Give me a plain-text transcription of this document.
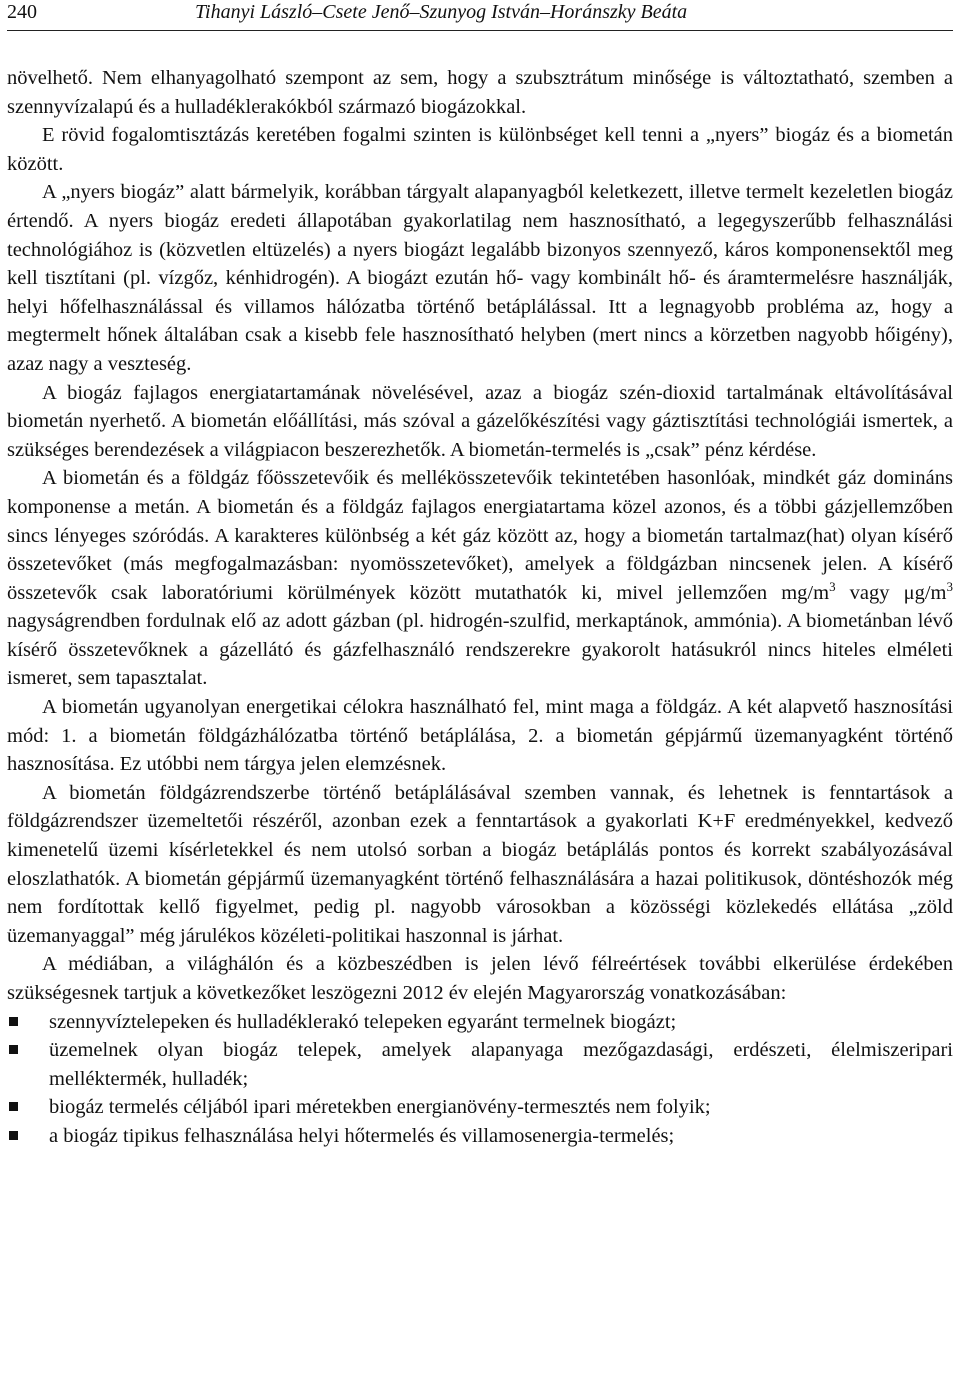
240	Tihanyi László–Csete Jenő–Szunyog István–Horánszky Beáta

növelhető. Nem elhanyagolható szempont az sem, hogy a szubsztrátum minősége is változtatható, szemben a szennyvízalapú és a hulladéklerakókból származó biogázokkal.

E rövid fogalomtisztázás keretében fogalmi szinten is különbséget kell tenni a „nyers” biogáz és a biometán között.

A „nyers biogáz” alatt bármelyik, korábban tárgyalt alapanyagból keletkezett, illetve termelt kezeletlen biogáz értendő. A nyers biogáz eredeti állapotában gyakorlatilag nem hasznosítható, a legegyszerűbb felhasználási technológiához is (közvetlen eltüzelés) a nyers biogázt legalább bizonyos szennyező, káros komponensektől meg kell tisztítani (pl. vízgőz, kénhidrogén). A biogázt ezután hő- vagy kombinált hő- és áramtermelésre használják, helyi hőfelhasználással és villamos hálózatba történő betáplálással. Itt a legnagyobb probléma az, hogy a megtermelt hőnek általában csak a kisebb fele hasznosítható helyben (mert nincs a körzetben nagyobb hőigény), azaz nagy a veszteség.

A biogáz fajlagos energiatartamának növelésével, azaz a biogáz szén-dioxid tartalmának eltávolításával biometán nyerhető. A biometán előállítási, más szóval a gázelőkészítési vagy gáztisztítási technológiái ismertek, a szükséges berendezések a világpiacon beszerezhetők. A biometán-termelés is „csak” pénz kérdése.

A biometán és a földgáz főösszetevőik és mellékösszetevőik tekintetében hasonlóak, mindkét gáz domináns komponense a metán. A biometán és a földgáz fajlagos energiatartama közel azonos, és a többi gázjellemzőben sincs lényeges szóródás. A karakteres különbség a két gáz között az, hogy a biometán tartalmaz(hat) olyan kísérő összetevőket (más megfogalmazásban: nyomösszetevőket), amelyek a földgázban nincsenek jelen. A kísérő összetevők csak laboratóriumi körülmények között mutathatók ki, mivel jellemzően $mg/m^3$ vagy $\mu g/m^3$ nagyságrendben fordulnak elő az adott gázban (pl. hidrogén-szulfid, merkaptánok, ammónia). A biometánban lévő kísérő összetevőknek a gázellátó és gázfelhasználó rendszerekre gyakorolt hatásukról nincs hiteles elméleti ismeret, sem tapasztalat.

A biometán ugyanolyan energetikai célokra használható fel, mint maga a földgáz. A két alapvető hasznosítási mód: 1. a biometán földgázhálózatba történő betáplálása, 2. a biometán gépjármű üzemanyagként történő hasznosítása. Ez utóbbi nem tárgya jelen elemzésnek.

A biometán földgázrendszerbe történő betáplálásával szemben vannak, és lehetnek is fenntartások a földgázrendszer üzemeltetői részéről, azonban ezek a fenntartások a gyakorlati K+F eredményekkel, kedvező kimenetelű üzemi kísérletekkel és nem utolsó sorban a biogáz betáplálás pontos és korrekt szabályozásával eloszlathatók. A biometán gépjármű üzemanyagként történő felhasználására a hazai politikusok, döntéshozók még nem fordítottak kellő figyelmet, pedig pl. nagyobb városokban a közösségi közlekedés ellátása „zöld üzemanyaggal” még járulékos közéleti-politikai haszonnal is járhat.

A médiában, a világhálón és a közbeszédben is jelen lévő félreértések további elkerülése érdekében szükségesnek tartjuk a következőket leszögezni 2012 év elején Magyarország vonatkozásában:

szennyvíztelepeken és hulladéklerakó telepeken egyaránt termelnek biogázt;
üzemelnek olyan biogáz telepek, amelyek alapanyaga mezőgazdasági, erdészeti, élelmiszeripari melléktermék, hulladék;
biogáz termelés céljából ipari méretekben energianövény-termesztés nem folyik;
a biogáz tipikus felhasználása helyi hőtermelés és villamosenergia-termelés;
